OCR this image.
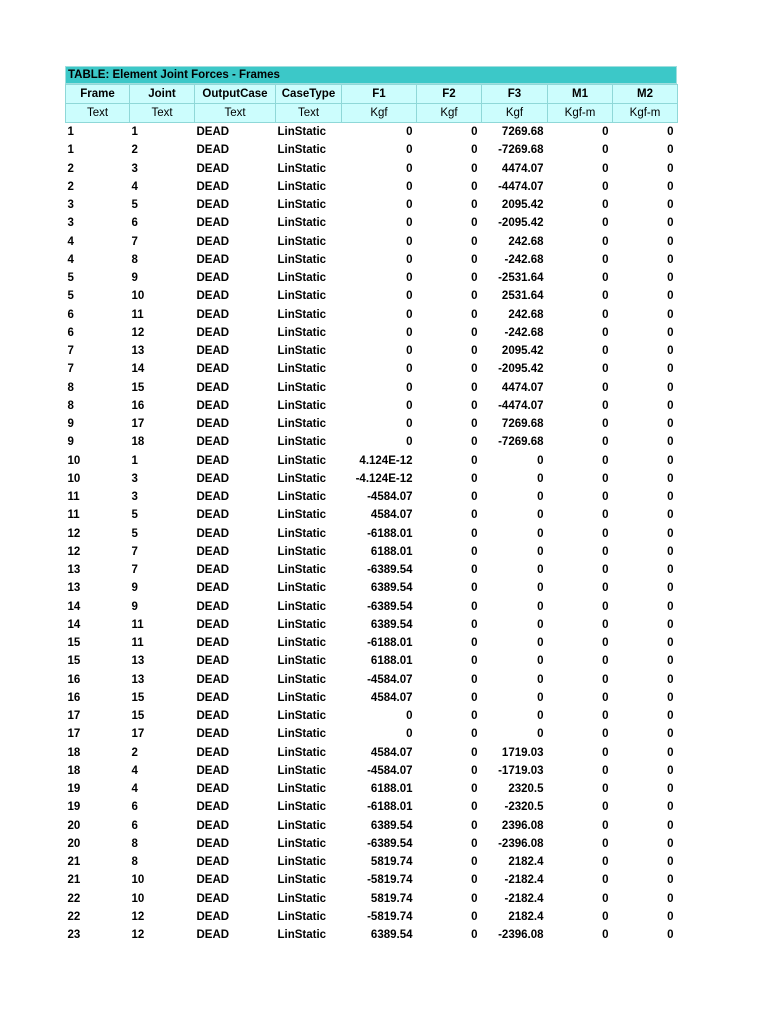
TABLE: Element Joint Forces - Frames
Frame	Joint	OutputCase	CaseType	F1	F2	F3	M1	M2
Text	Text	Text	Text	Kgf	Kgf	Kgf	Kgf-m	Kgf-m
1	1	DEAD	LinStatic	0	0	7269.68	0	0
1	2	DEAD	LinStatic	0	0	-7269.68	0	0
2	3	DEAD	LinStatic	0	0	4474.07	0	0
2	4	DEAD	LinStatic	0	0	-4474.07	0	0
3	5	DEAD	LinStatic	0	0	2095.42	0	0
3	6	DEAD	LinStatic	0	0	-2095.42	0	0
4	7	DEAD	LinStatic	0	0	242.68	0	0
4	8	DEAD	LinStatic	0	0	-242.68	0	0
5	9	DEAD	LinStatic	0	0	-2531.64	0	0
5	10	DEAD	LinStatic	0	0	2531.64	0	0
6	11	DEAD	LinStatic	0	0	242.68	0	0
6	12	DEAD	LinStatic	0	0	-242.68	0	0
7	13	DEAD	LinStatic	0	0	2095.42	0	0
7	14	DEAD	LinStatic	0	0	-2095.42	0	0
8	15	DEAD	LinStatic	0	0	4474.07	0	0
8	16	DEAD	LinStatic	0	0	-4474.07	0	0
9	17	DEAD	LinStatic	0	0	7269.68	0	0
9	18	DEAD	LinStatic	0	0	-7269.68	0	0
10	1	DEAD	LinStatic	4.124E-12	0	0	0	0
10	3	DEAD	LinStatic	-4.124E-12	0	0	0	0
11	3	DEAD	LinStatic	-4584.07	0	0	0	0
11	5	DEAD	LinStatic	4584.07	0	0	0	0
12	5	DEAD	LinStatic	-6188.01	0	0	0	0
12	7	DEAD	LinStatic	6188.01	0	0	0	0
13	7	DEAD	LinStatic	-6389.54	0	0	0	0
13	9	DEAD	LinStatic	6389.54	0	0	0	0
14	9	DEAD	LinStatic	-6389.54	0	0	0	0
14	11	DEAD	LinStatic	6389.54	0	0	0	0
15	11	DEAD	LinStatic	-6188.01	0	0	0	0
15	13	DEAD	LinStatic	6188.01	0	0	0	0
16	13	DEAD	LinStatic	-4584.07	0	0	0	0
16	15	DEAD	LinStatic	4584.07	0	0	0	0
17	15	DEAD	LinStatic	0	0	0	0	0
17	17	DEAD	LinStatic	0	0	0	0	0
18	2	DEAD	LinStatic	4584.07	0	1719.03	0	0
18	4	DEAD	LinStatic	-4584.07	0	-1719.03	0	0
19	4	DEAD	LinStatic	6188.01	0	2320.5	0	0
19	6	DEAD	LinStatic	-6188.01	0	-2320.5	0	0
20	6	DEAD	LinStatic	6389.54	0	2396.08	0	0
20	8	DEAD	LinStatic	-6389.54	0	-2396.08	0	0
21	8	DEAD	LinStatic	5819.74	0	2182.4	0	0
21	10	DEAD	LinStatic	-5819.74	0	-2182.4	0	0
22	10	DEAD	LinStatic	5819.74	0	-2182.4	0	0
22	12	DEAD	LinStatic	-5819.74	0	2182.4	0	0
23	12	DEAD	LinStatic	6389.54	0	-2396.08	0	0
